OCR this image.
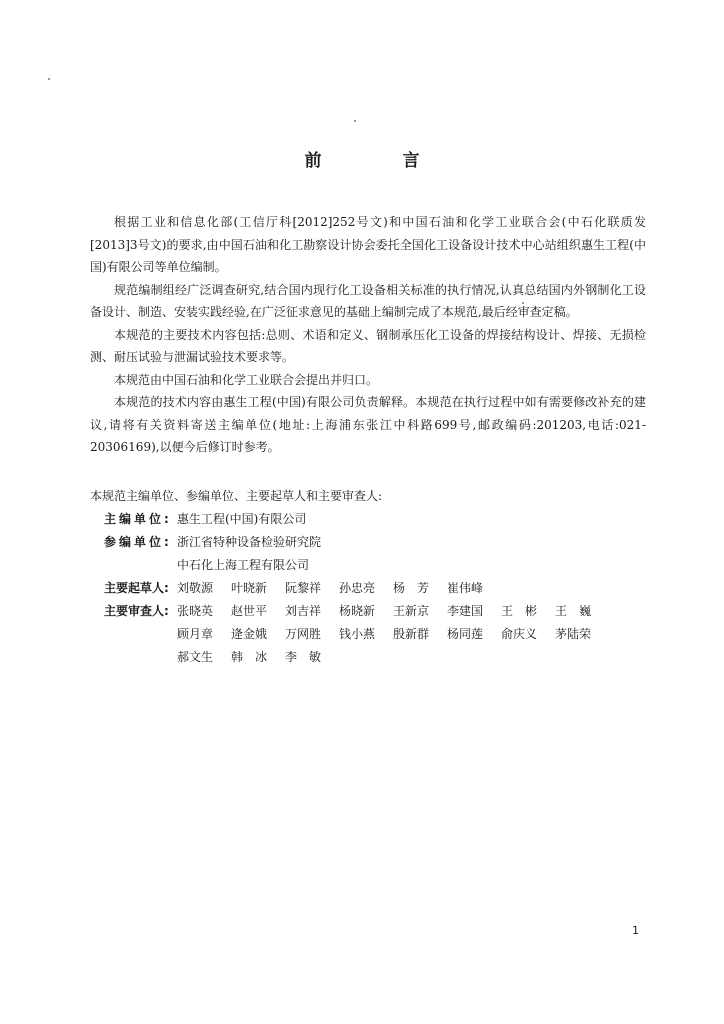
前　言

根据工业和信息化部(工信厅科[2012]252号文)和中国石油和化学工业联合会(中石化联质发[2013]3号文)的要求,由中国石油和化工勘察设计协会委托全国化工设备设计技术中心站组织惠生工程(中国)有限公司等单位编制。

规范编制组经广泛调查研究,结合国内现行化工设备相关标准的执行情况,认真总结国内外钢制化工设备设计、制造、安装实践经验,在广泛征求意见的基础上编制完成了本规范,最后经审查定稿。

本规范的主要技术内容包括:总则、术语和定义、钢制承压化工设备的焊接结构设计、焊接、无损检测、耐压试验与泄漏试验技术要求等。

本规范由中国石油和化学工业联合会提出并归口。

本规范的技术内容由惠生工程(中国)有限公司负责解释。本规范在执行过程中如有需要修改补充的建议,请将有关资料寄送主编单位(地址:上海浦东张江中科路699号,邮政编码:201203,电话:021-20306169),以便今后修订时参考。

本规范主编单位、参编单位、主要起草人和主要审查人:

主编单位: 惠生工程(中国)有限公司
参编单位: 浙江省特种设备检验研究院
中石化上海工程有限公司
主要起草人: 刘敬源	叶晓新	阮黎祥	孙忠亮	杨　芳	崔伟峰
主要审查人: 张晓英	赵世平	刘吉祥	杨晓新	王新京	李建国	王　彬	王　巍
顾月章	逄金娥	万网胜	钱小燕	殷新群	杨同莲	俞庆义	茅陆荣
郝文生	韩　冰	李　敏
1
